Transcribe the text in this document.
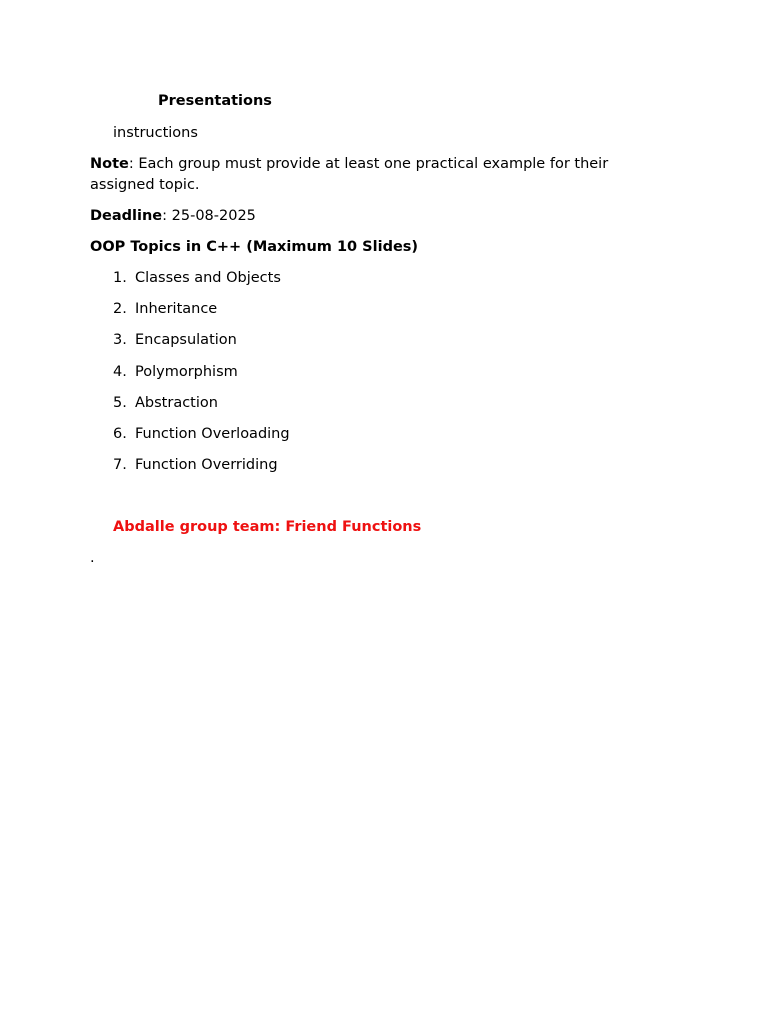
Presentations
instructions
Note: Each group must provide at least one practical example for their assigned topic.
Deadline: 25-08-2025
OOP Topics in C++ (Maximum 10 Slides)
1. Classes and Objects
2. Inheritance
3. Encapsulation
4. Polymorphism
5. Abstraction
6. Function Overloading
7. Function Overriding
Abdalle group team: Friend Functions
.
